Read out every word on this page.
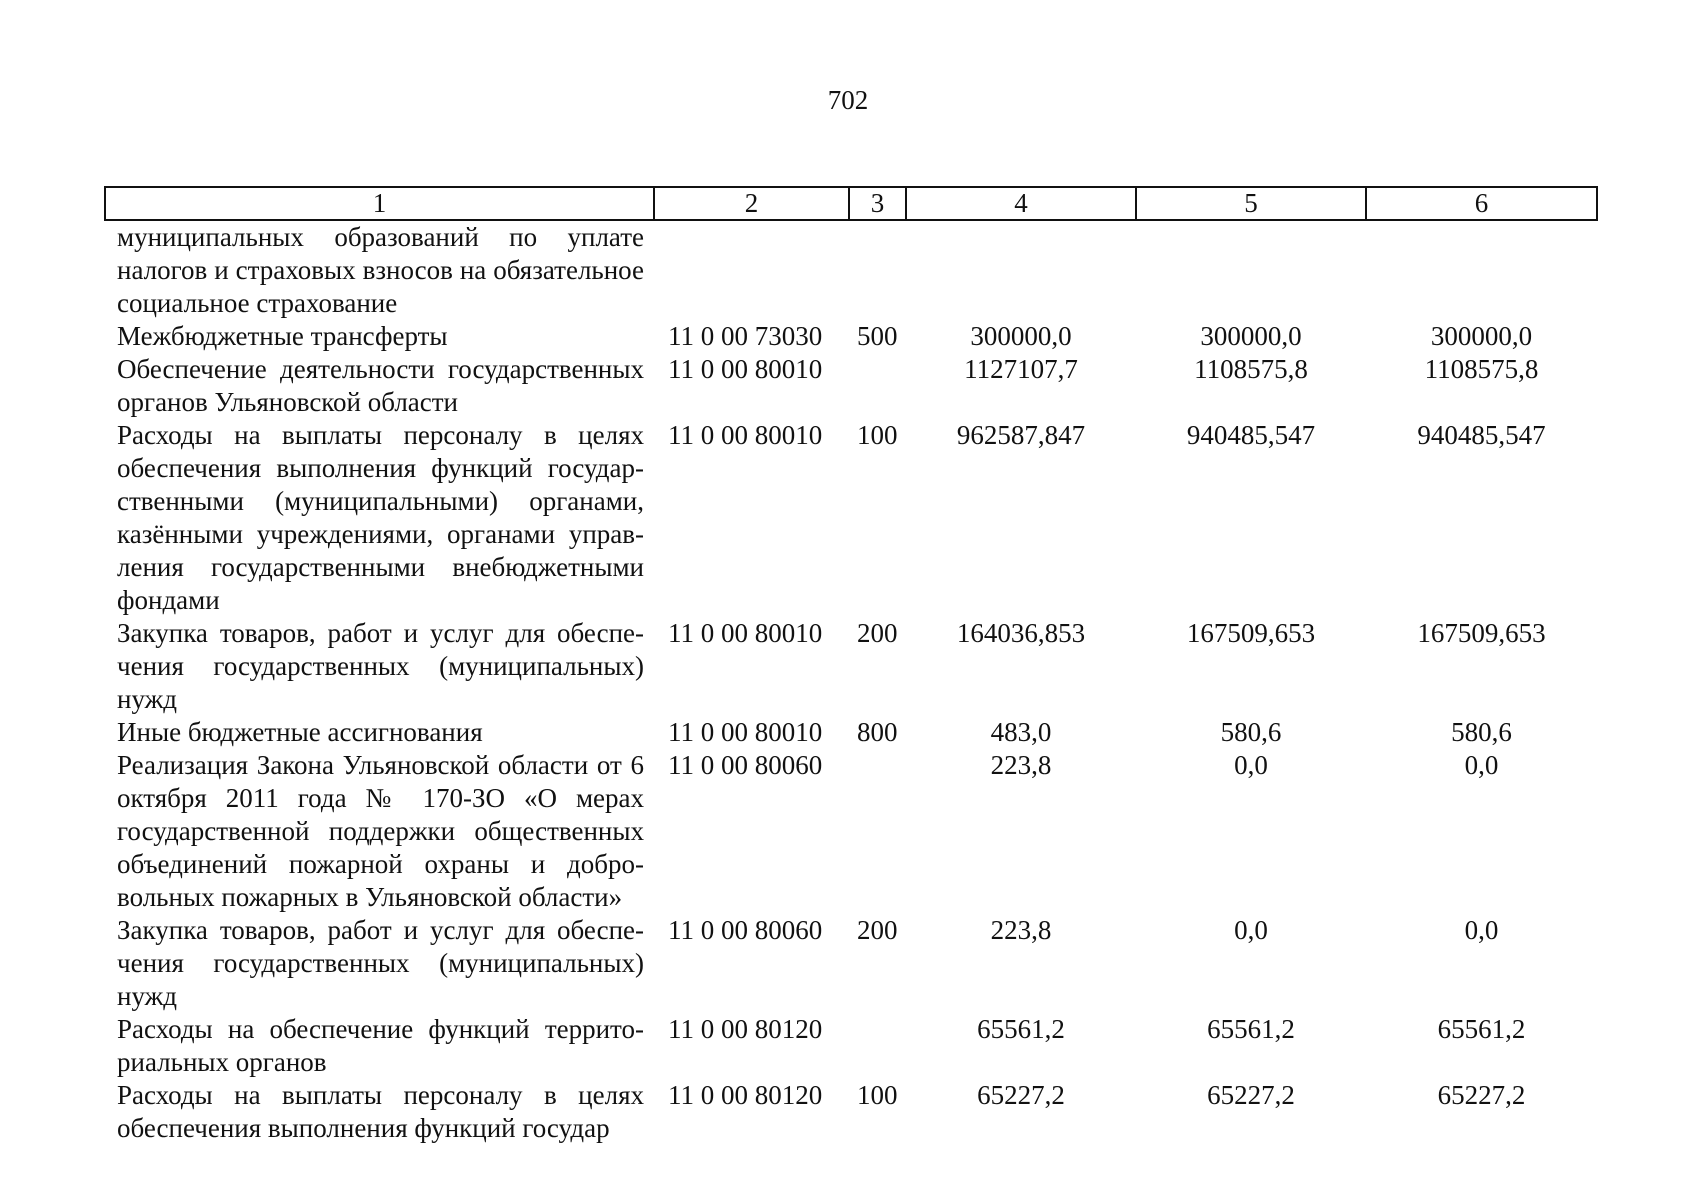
702
1	2	3	4	5	6
муниципальных образований по уплате налогов и страховых взносов на обязательное социальное страхование					
Межбюджетные трансферты	11 0 00 73030	500	300000,0	300000,0	300000,0
Обеспечение деятельности государственных органов Ульяновской области	11 0 00 80010		1127107,7	1108575,8	1108575,8
Расходы на выплаты персоналу в целях обеспечения выполнения функций государственными (муниципальными) органами, казёнными учреждениями, органами управления государственными внебюджетными фондами	11 0 00 80010	100	962587,847	940485,547	940485,547
Закупка товаров, работ и услуг для обеспечения государственных (муниципальных) нужд	11 0 00 80010	200	164036,853	167509,653	167509,653
Иные бюджетные ассигнования	11 0 00 80010	800	483,0	580,6	580,6
Реализация Закона Ульяновской области от 6 октября 2011 года № 170-ЗО «О мерах государственной поддержки общественных объединений пожарной охраны и добровольных пожарных в Ульяновской области»	11 0 00 80060		223,8	0,0	0,0
Закупка товаров, работ и услуг для обеспечения государственных (муниципальных) нужд	11 0 00 80060	200	223,8	0,0	0,0
Расходы на обеспечение функций территориальных органов	11 0 00 80120		65561,2	65561,2	65561,2
Расходы на выплаты персоналу в целях обеспечения выполнения функций государ	11 0 00 80120	100	65227,2	65227,2	65227,2
